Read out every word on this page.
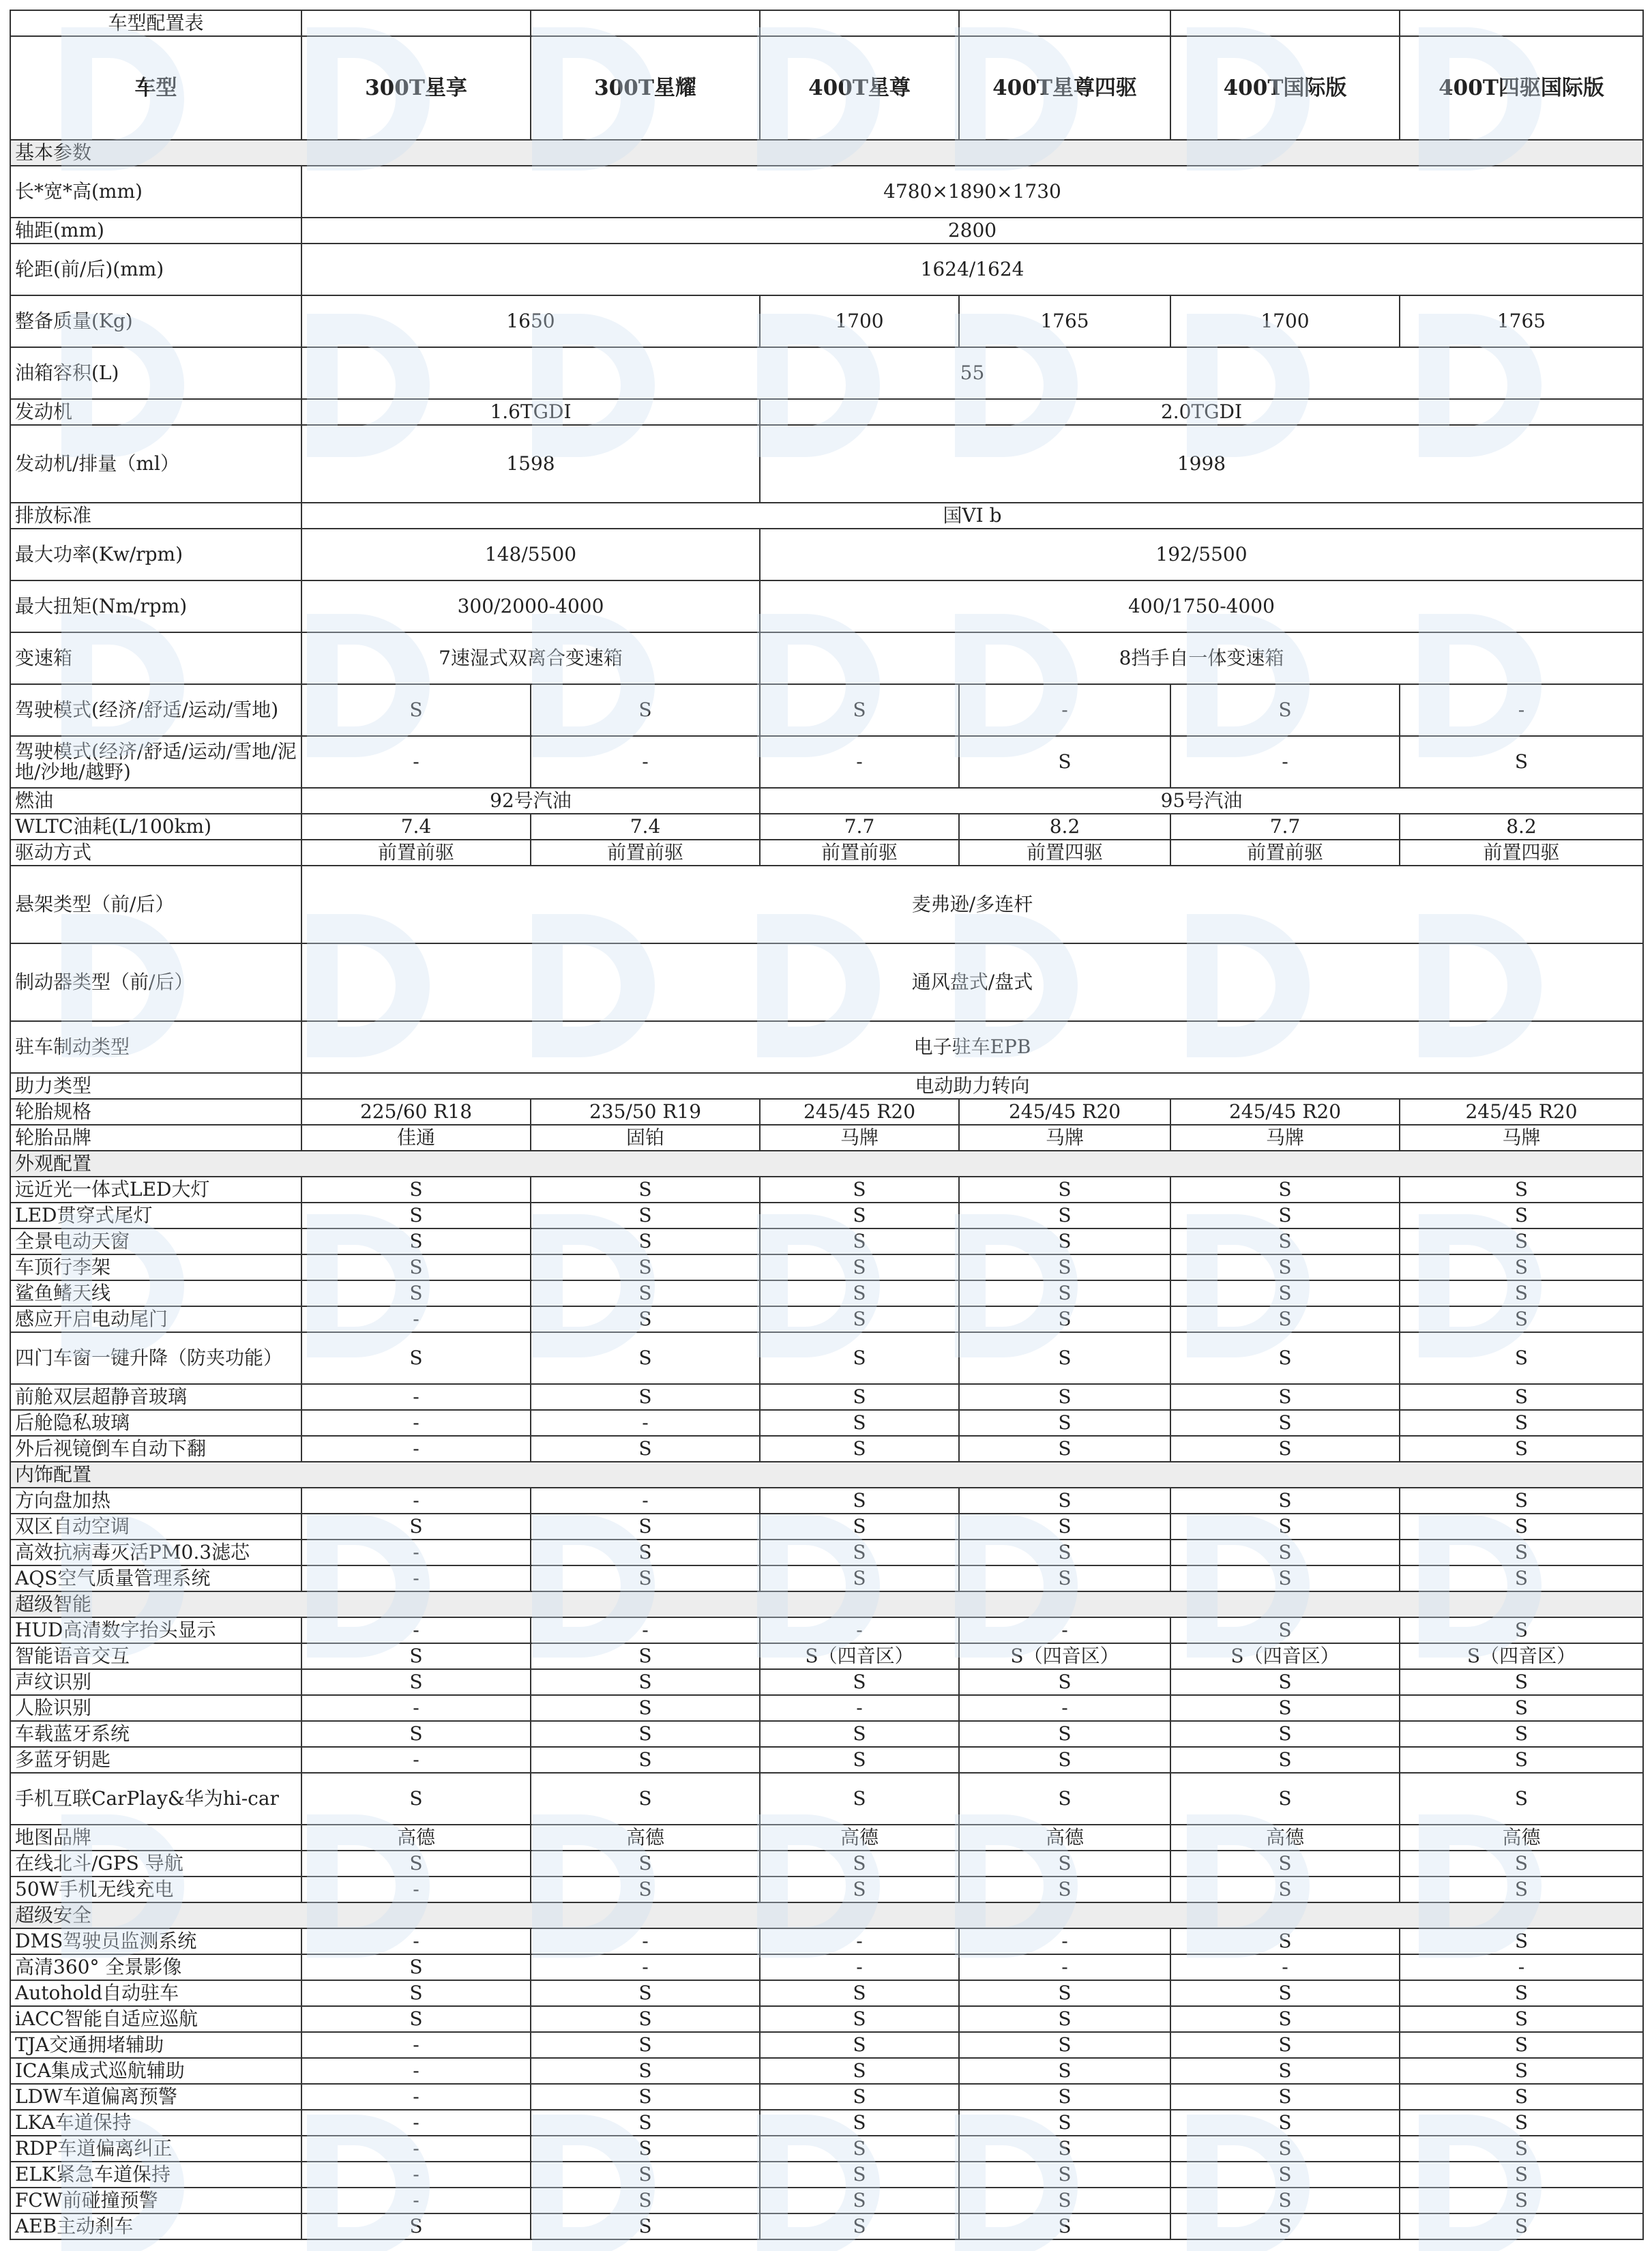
车型配置表						
车型	300T星享	300T星耀	400T星尊	400T星尊四驱	400T国际版	400T四驱国际版
基本参数						
长*宽*高(mm)	4780×1890×1730					
轴距(mm)	2800					
轮距(前/后)(mm)	1624/1624					
整备质量(Kg)	1650		1700	1765	1700	1765
油箱容积(L)	55					
发动机	1.6TGDI		2.0TGDI			
发动机/排量（ml）	1598		1998			
排放标准	国VI b					
最大功率(Kw/rpm)	148/5500		192/5500			
最大扭矩(Nm/rpm)	300/2000-4000		400/1750-4000			
变速箱	7速湿式双离合变速箱		8挡手自一体变速箱			
驾驶模式(经济/舒适/运动/雪地)	S	S	S	-	S	-
驾驶模式(经济/舒适/运动/雪地/泥地/沙地/越野)	-	-	-	S	-	S
燃油	92号汽油		95号汽油			
WLTC油耗(L/100km)	7.4	7.4	7.7	8.2	7.7	8.2
驱动方式	前置前驱	前置前驱	前置前驱	前置四驱	前置前驱	前置四驱
悬架类型（前/后）	麦弗逊/多连杆					
制动器类型（前/后）	通风盘式/盘式					
驻车制动类型	电子驻车EPB					
助力类型	电动助力转向					
轮胎规格	225/60 R18	235/50 R19	245/45 R20	245/45 R20	245/45 R20	245/45 R20
轮胎品牌	佳通	固铂	马牌	马牌	马牌	马牌
外观配置						
远近光一体式LED大灯	S	S	S	S	S	S
LED贯穿式尾灯	S	S	S	S	S	S
全景电动天窗	S	S	S	S	S	S
车顶行李架	S	S	S	S	S	S
鲨鱼鳍天线	S	S	S	S	S	S
感应开启电动尾门	-	S	S	S	S	S
四门车窗一键升降（防夹功能）	S	S	S	S	S	S
前舱双层超静音玻璃	-	S	S	S	S	S
后舱隐私玻璃	-	-	S	S	S	S
外后视镜倒车自动下翻	-	S	S	S	S	S
内饰配置						
方向盘加热	-	-	S	S	S	S
双区自动空调	S	S	S	S	S	S
高效抗病毒灭活PM0.3滤芯	-	S	S	S	S	S
AQS空气质量管理系统	-	S	S	S	S	S
超级智能						
HUD高清数字抬头显示	-	-	-	-	S	S
智能语音交互	S	S	S（四音区）	S（四音区）	S（四音区）	S（四音区）
声纹识别	S	S	S	S	S	S
人脸识别	-	S	-	-	S	S
车载蓝牙系统	S	S	S	S	S	S
多蓝牙钥匙	-	S	S	S	S	S
手机互联CarPlay&华为hi-car	S	S	S	S	S	S
地图品牌	高德	高德	高德	高德	高德	高德
在线北斗/GPS 导航	S	S	S	S	S	S
50W手机无线充电	-	S	S	S	S	S
超级安全						
DMS驾驶员监测系统	-	-	-	-	S	S
高清360° 全景影像	S	-	-	-	-	-
Autohold自动驻车	S	S	S	S	S	S
iACC智能自适应巡航	S	S	S	S	S	S
TJA交通拥堵辅助	-	S	S	S	S	S
ICA集成式巡航辅助	-	S	S	S	S	S
LDW车道偏离预警	-	S	S	S	S	S
LKA车道保持	-	S	S	S	S	S
RDP车道偏离纠正	-	S	S	S	S	S
ELK紧急车道保持	-	S	S	S	S	S
FCW前碰撞预警	-	S	S	S	S	S
AEB主动刹车	S	S	S	S	S	S
